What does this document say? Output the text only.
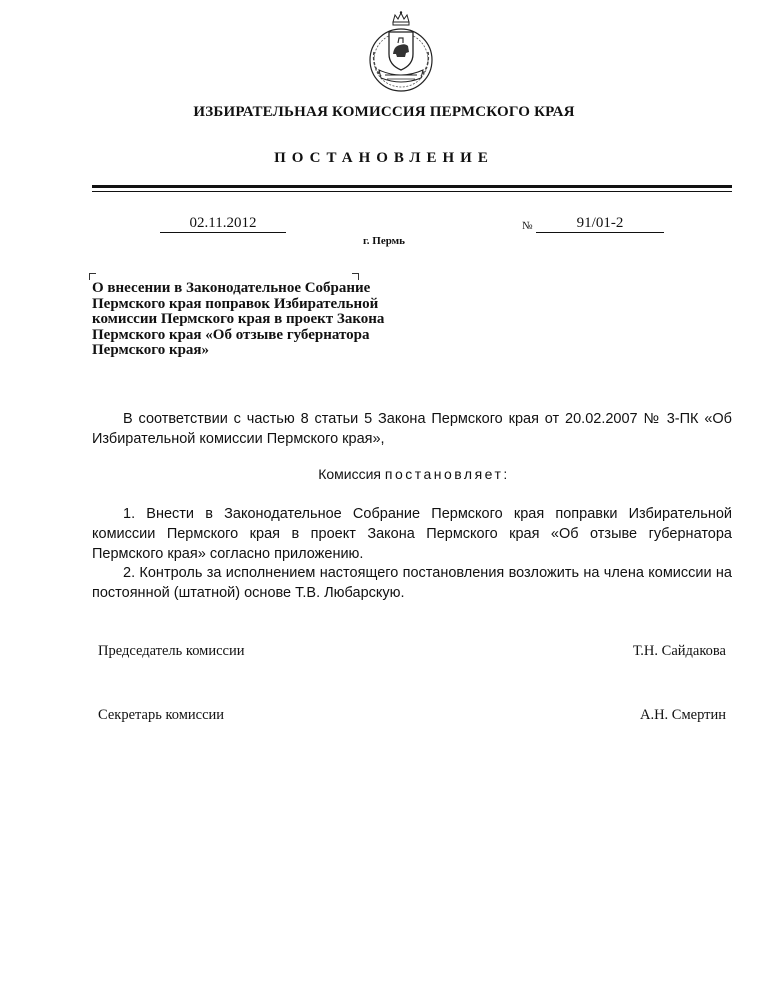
ИЗБИРАТЕЛЬНАЯ КОМИССИЯ ПЕРМСКОГО КРАЯ
ПОСТАНОВЛЕНИЕ
02.11.2012	№	91/01-2
г. Пермь
О внесении в Законодательное Собрание Пермского края поправок Избирательной комиссии Пермского края в проект Закона Пермского края «Об отзыве губернатора Пермского края»
В соответствии с частью 8 статьи 5 Закона Пермского края от 20.02.2007 № 3-ПК «Об Избирательной комиссии Пермского края»,
Комиссия постановляет:
1. Внести в Законодательное Собрание Пермского края поправки Избирательной комиссии Пермского края в проект Закона Пермского края «Об отзыве губернатора Пермского края» согласно приложению.
2. Контроль за исполнением настоящего постановления возложить на члена комиссии на постоянной (штатной) основе Т.В. Любарскую.
Председатель комиссии	Т.Н. Сайдакова
Секретарь комиссии	А.Н. Смертин
